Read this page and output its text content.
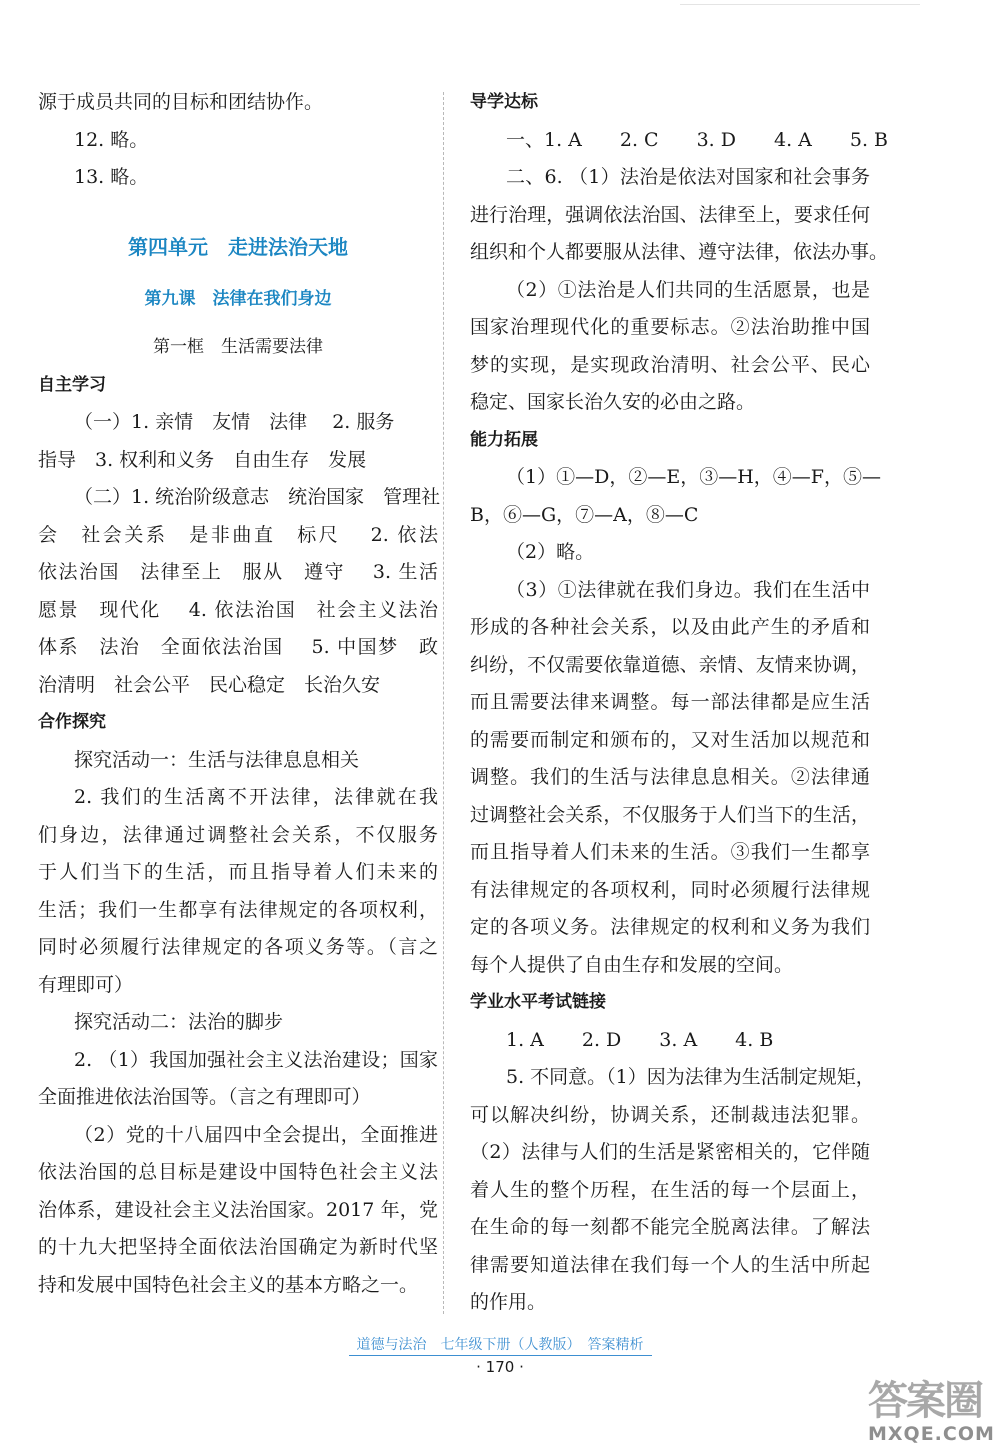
源于成员共同的目标和团结协作。

12. 略。

13. 略。

第四单元　走进法治天地

第九课　法律在我们身边

第一框　生活需要法律

自主学习

（一）1. 亲情　友情　法律　 2. 服务

指导　3. 权利和义务　自由生存　发展

（二）1. 统治阶级意志　统治国家　管理社

会　社会关系　是非曲直　标尺　 2. 依法

依法治国　法律至上　服从　遵守　 3. 生活

愿景　现代化　 4. 依法治国　社会主义法治

体系　法治　全面依法治国　 5. 中国梦　政

治清明　社会公平　民心稳定　长治久安

合作探究

探究活动一：生活与法律息息相关

2. 我们的生活离不开法律，法律就在我

们身边，法律通过调整社会关系，不仅服务

于人们当下的生活，而且指导着人们未来的

生活；我们一生都享有法律规定的各项权利，

同时必须履行法律规定的各项义务等。（言之

有理即可）

探究活动二：法治的脚步

2. （1）我国加强社会主义法治建设；国家

全面推进依法治国等。（言之有理即可）

（2）党的十八届四中全会提出，全面推进

依法治国的总目标是建设中国特色社会主义法

治体系，建设社会主义法治国家。2017 年，党

的十九大把坚持全面依法治国确定为新时代坚

持和发展中国特色社会主义的基本方略之一。

导学达标

一、1. A　　2. C　　3. D　　4. A　　5. B

二、6. （1）法治是依法对国家和社会事务

进行治理，强调依法治国、法律至上，要求任何

组织和个人都要服从法律、遵守法律，依法办事。

（2）①法治是人们共同的生活愿景，也是

国家治理现代化的重要标志。②法治助推中国

梦的实现，是实现政治清明、社会公平、民心

稳定、国家长治久安的必由之路。

能力拓展

（1）①—D，②—E，③—H，④—F，⑤—

B，⑥—G，⑦—A，⑧—C

（2）略。

（3）①法律就在我们身边。我们在生活中

形成的各种社会关系，以及由此产生的矛盾和

纠纷，不仅需要依靠道德、亲情、友情来协调，

而且需要法律来调整。每一部法律都是应生活

的需要而制定和颁布的，又对生活加以规范和

调整。我们的生活与法律息息相关。②法律通

过调整社会关系，不仅服务于人们当下的生活，

而且指导着人们未来的生活。③我们一生都享

有法律规定的各项权利，同时必须履行法律规

定的各项义务。法律规定的权利和义务为我们

每个人提供了自由生存和发展的空间。

学业水平考试链接

1. A　　2. D　　3. A　　4. B

5. 不同意。（1）因为法律为生活制定规矩，

可以解决纠纷，协调关系，还制裁违法犯罪。

（2）法律与人们的生活是紧密相关的，它伴随

着人生的整个历程，在生活的每一个层面上，

在生命的每一刻都不能完全脱离法律。了解法

律需要知道法律在我们每一个人的生活中所起

的作用。

道德与法治　七年级下册（人教版）　答案精析
· 170 ·
答案圈
MXQE.COM
